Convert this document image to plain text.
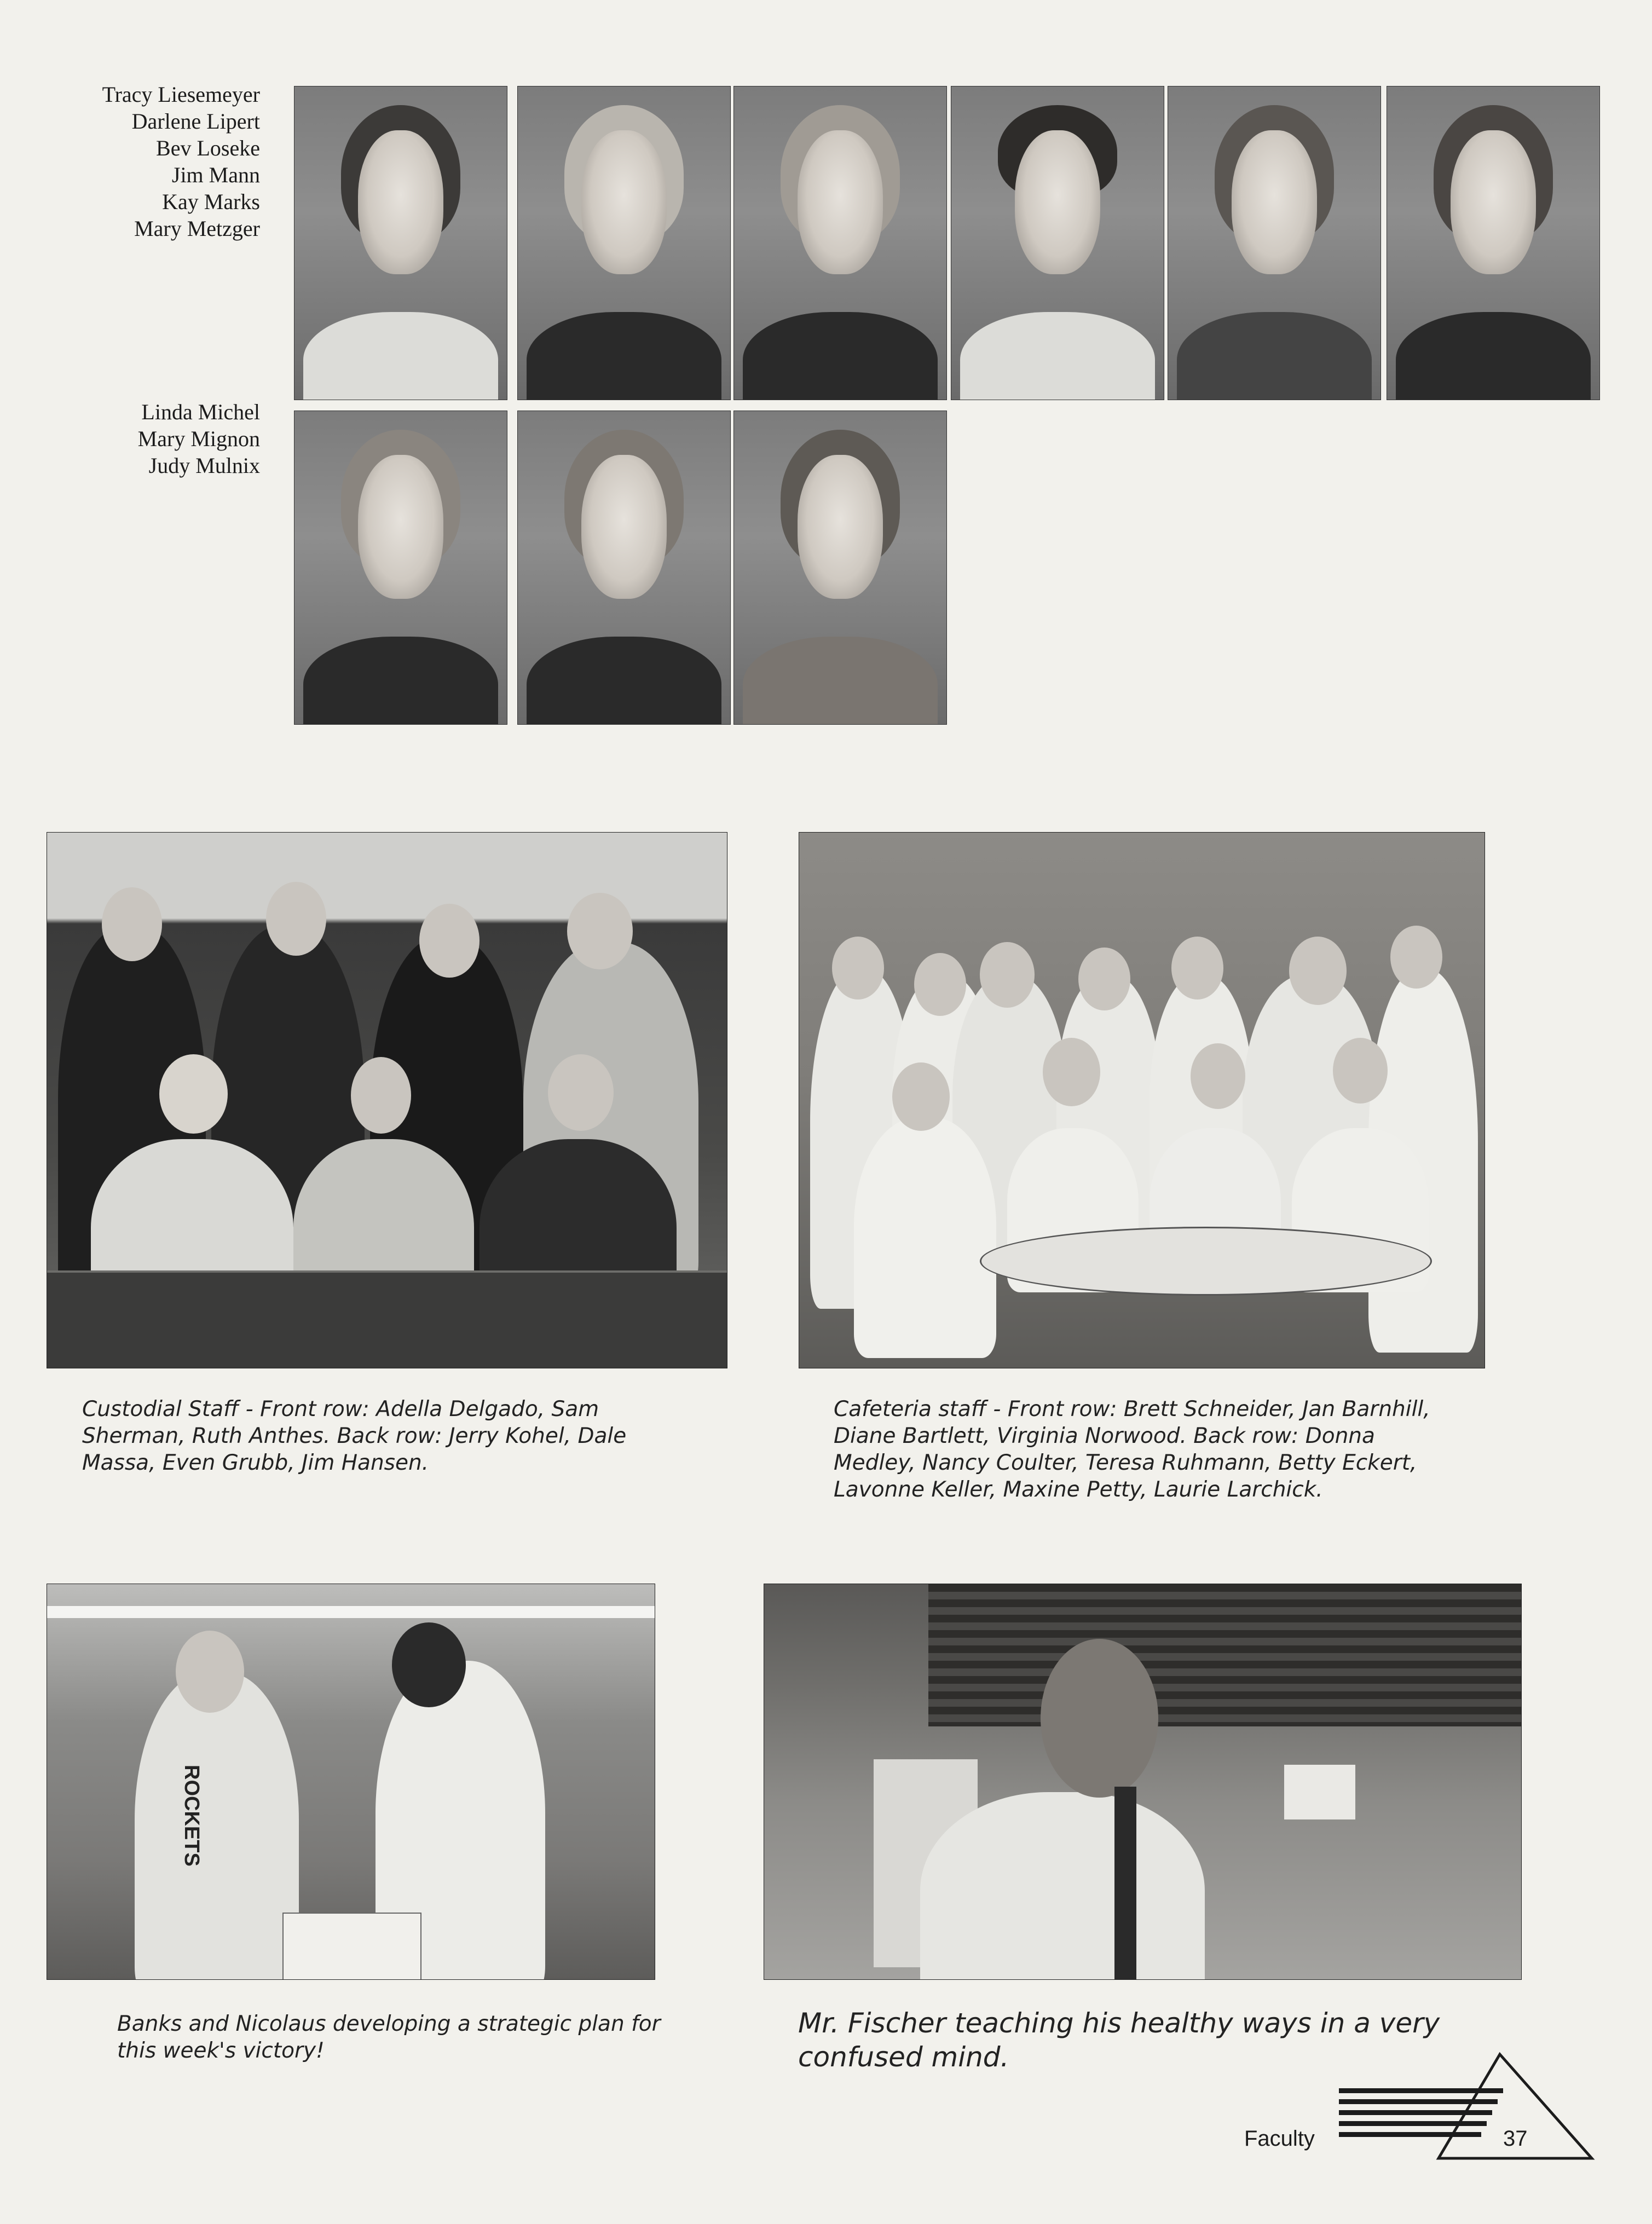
Tracy Liesemeyer
Darlene Lipert
Bev Loseke
Jim Mann
Kay Marks
Mary Metzger
Linda Michel
Mary Mignon
Judy Mulnix

Custodial Staff - Front row: Adella Delgado, Sam Sherman, Ruth Anthes. Back row: Jerry Kohel, Dale Massa, Even Grubb, Jim Hansen.

Cafeteria staff - Front row: Brett Schneider, Jan Barnhill, Diane Bartlett, Virginia Norwood. Back row: Donna Medley, Nancy Coulter, Teresa Ruhmann, Betty Eckert, Lavonne Keller, Maxine Petty, Laurie Larchick.

ROCKETS

Banks and Nicolaus developing a strategic plan for this week's victory!

Mr. Fischer teaching his healthy ways in a very confused mind.

Faculty	37
